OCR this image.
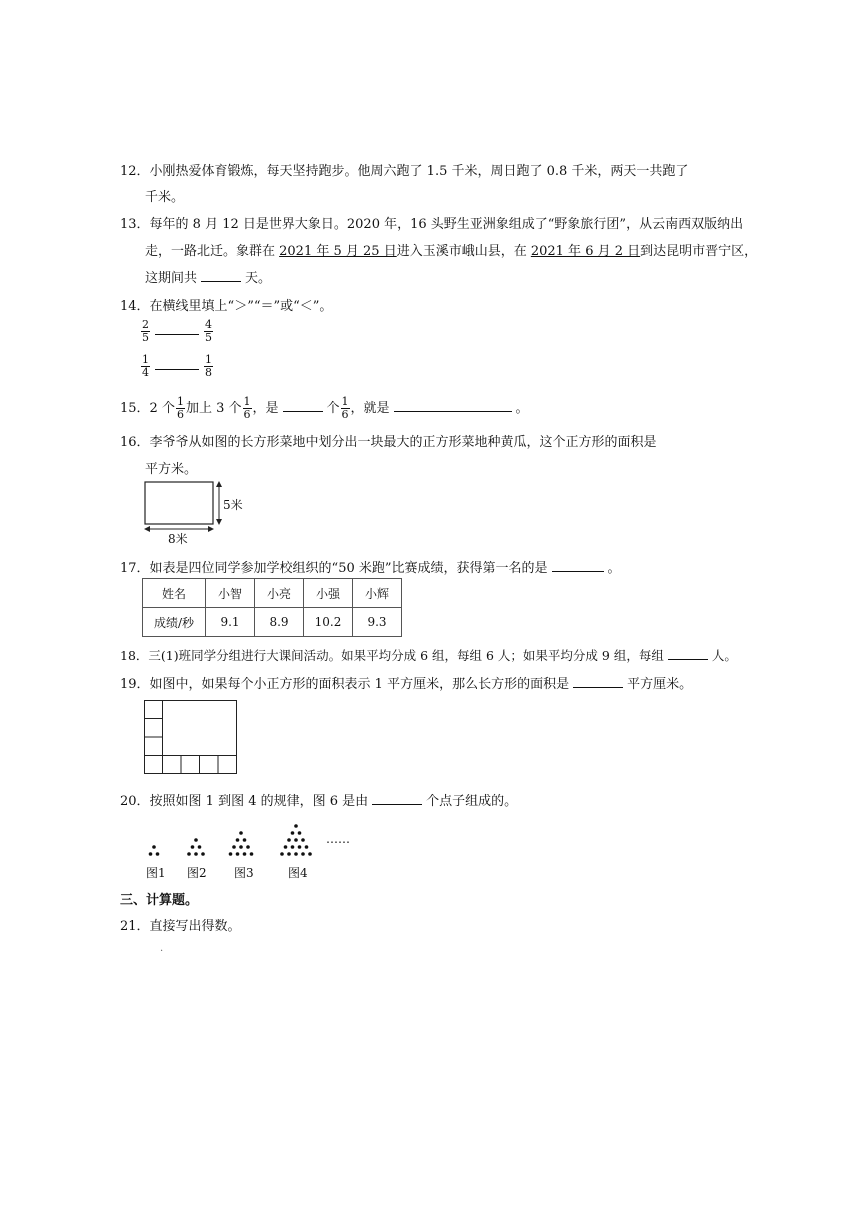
12．小刚热爱体育锻炼，每天坚持跑步。他周六跑了 1.5 千米，周日跑了 0.8 千米，两天一共跑了
千米。
13．每年的 8 月 12 日是世界大象日。2020 年，16 头野生亚洲象组成了“野象旅行团”，从云南西双版纳出
走，一路北迁。象群在 2021 年 5 月 25 日进入玉溪市峨山县，在 2021 年 6 月 2 日到达昆明市晋宁区，
这期间共	天。
14．在横线里填上“＞”“＝”或“＜”。
$\frac{2}{5}$	$\frac{4}{5}$
$\frac{1}{4}$	$\frac{1}{8}$
15．2 个 $\frac{1}{6}$ 加上 3 个 $\frac{1}{6}$ ，是	个 $\frac{1}{6}$ ，就是	。
16．李爷爷从如图的长方形菜地中划分出一块最大的正方形菜地种黄瓜，这个正方形的面积是
平方米。
5米
8米
17．如表是四位同学参加学校组织的“50 米跑”比赛成绩，获得第一名的是	。
姓名	小智	小亮	小强	小辉
成绩/秒	9.1	8.9	10.2	9.3
18．三(1)班同学分组进行大课间活动。如果平均分成 6 组，每组 6 人；如果平均分成 9 组，每组	人。
19．如图中，如果每个小正方形的面积表示 1 平方厘米，那么长方形的面积是	平方厘米。
20．按照如图 1 到图 4 的规律，图 6 是由	个点子组成的。
……
图1 图2 图3	图4
三、计算题。
21．直接写出得数。
.
